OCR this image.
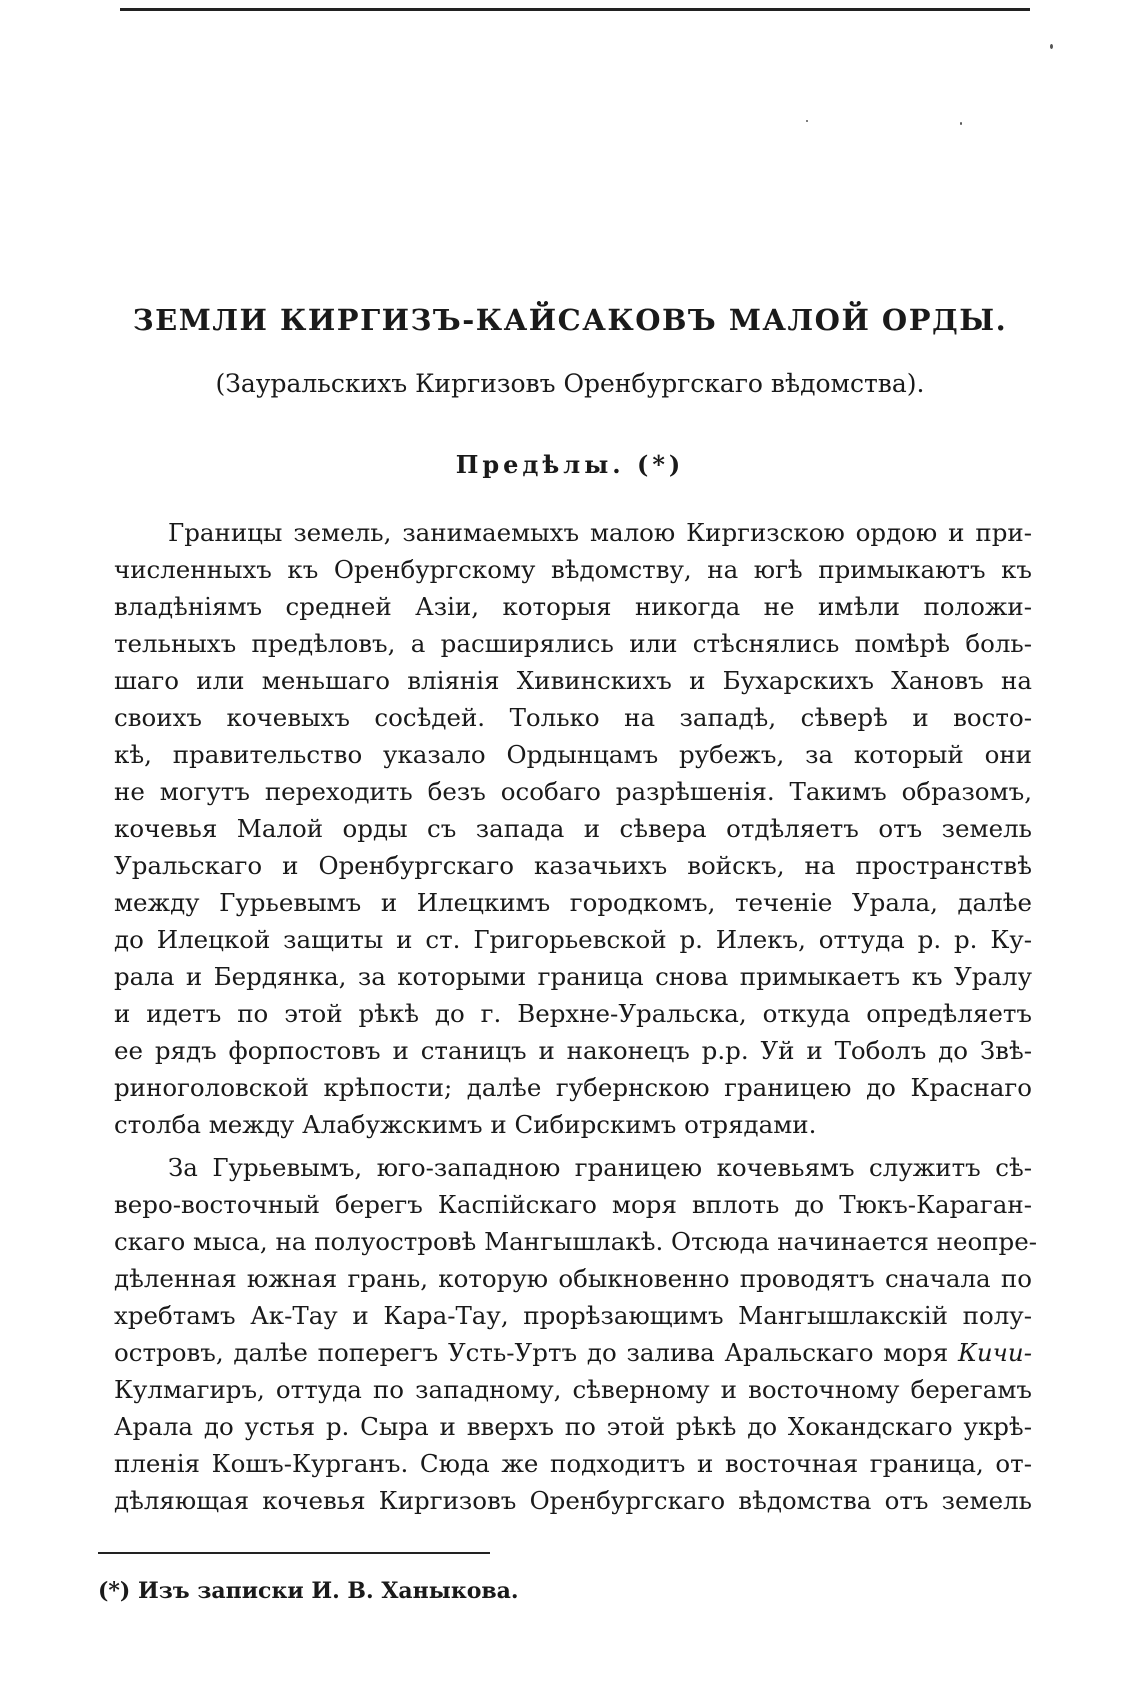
ЗЕМЛИ КИРГИЗЪ-КАЙСАКОВЪ МАЛОЙ ОРДЫ.
(Зауральскихъ Киргизовъ Оренбургскаго вѣдомства).
Предѣлы. (*)
Границы земель, занимаемыхъ малою Киргизскою ордою и при-
численныхъ къ Оренбургскому вѣдомству, на югѣ примыкаютъ къ
владѣніямъ средней Азіи, которыя никогда не имѣли положи-
тельныхъ предѣловъ, а расширялись или стѣснялись помѣрѣ боль-
шаго или меньшаго вліянія Хивинскихъ и Бухарскихъ Хановъ на
своихъ кочевыхъ сосѣдей. Только на западѣ, сѣверѣ и восто-
кѣ, правительство указало Ордынцамъ рубежъ, за который они
не могутъ переходить безъ особаго разрѣшенія. Такимъ образомъ,
кочевья Малой орды съ запада и сѣвера отдѣляетъ отъ земель
Уральскаго и Оренбургскаго казачьихъ войскъ, на пространствѣ
между Гурьевымъ и Илецкимъ городкомъ, теченіе Урала, далѣе
до Илецкой защиты и ст. Григорьевской р. Илекъ, оттуда р. р. Ку-
рала и Бердянка, за которыми граница снова примыкаетъ къ Уралу
и идетъ по этой рѣкѣ до г. Верхне-Уральска, откуда опредѣляетъ
ее рядъ форпостовъ и станицъ и наконецъ р.р. Уй и Тоболъ до Звѣ-
риноголовской крѣпости; далѣе губернскою границею до Краснаго
столба между Алабужскимъ и Сибирскимъ отрядами.
За Гурьевымъ, юго-западною границею кочевьямъ служитъ сѣ-
веро-восточный берегъ Каспійскаго моря вплоть до Тюкъ-Караган-
скаго мыса, на полуостровѣ Мангышлакѣ. Отсюда начинается неопре-
дѣленная южная грань, которую обыкновенно проводятъ сначала по
хребтамъ Ак-Тау и Кара-Тау, прорѣзающимъ Мангышлакскій полу-
островъ, далѣе поперегъ Усть-Уртъ до залива Аральскаго моря Кичи-
Кулмагиръ, оттуда по западному, сѣверному и восточному берегамъ
Арала до устья р. Сыра и вверхъ по этой рѣкѣ до Хокандскаго укрѣ-
пленія Кошъ-Курганъ. Сюда же подходитъ и восточная граница, от-
дѣляющая кочевья Киргизовъ Оренбургскаго вѣдомства отъ земель
(*) Изъ записки И. В. Ханыкова.
